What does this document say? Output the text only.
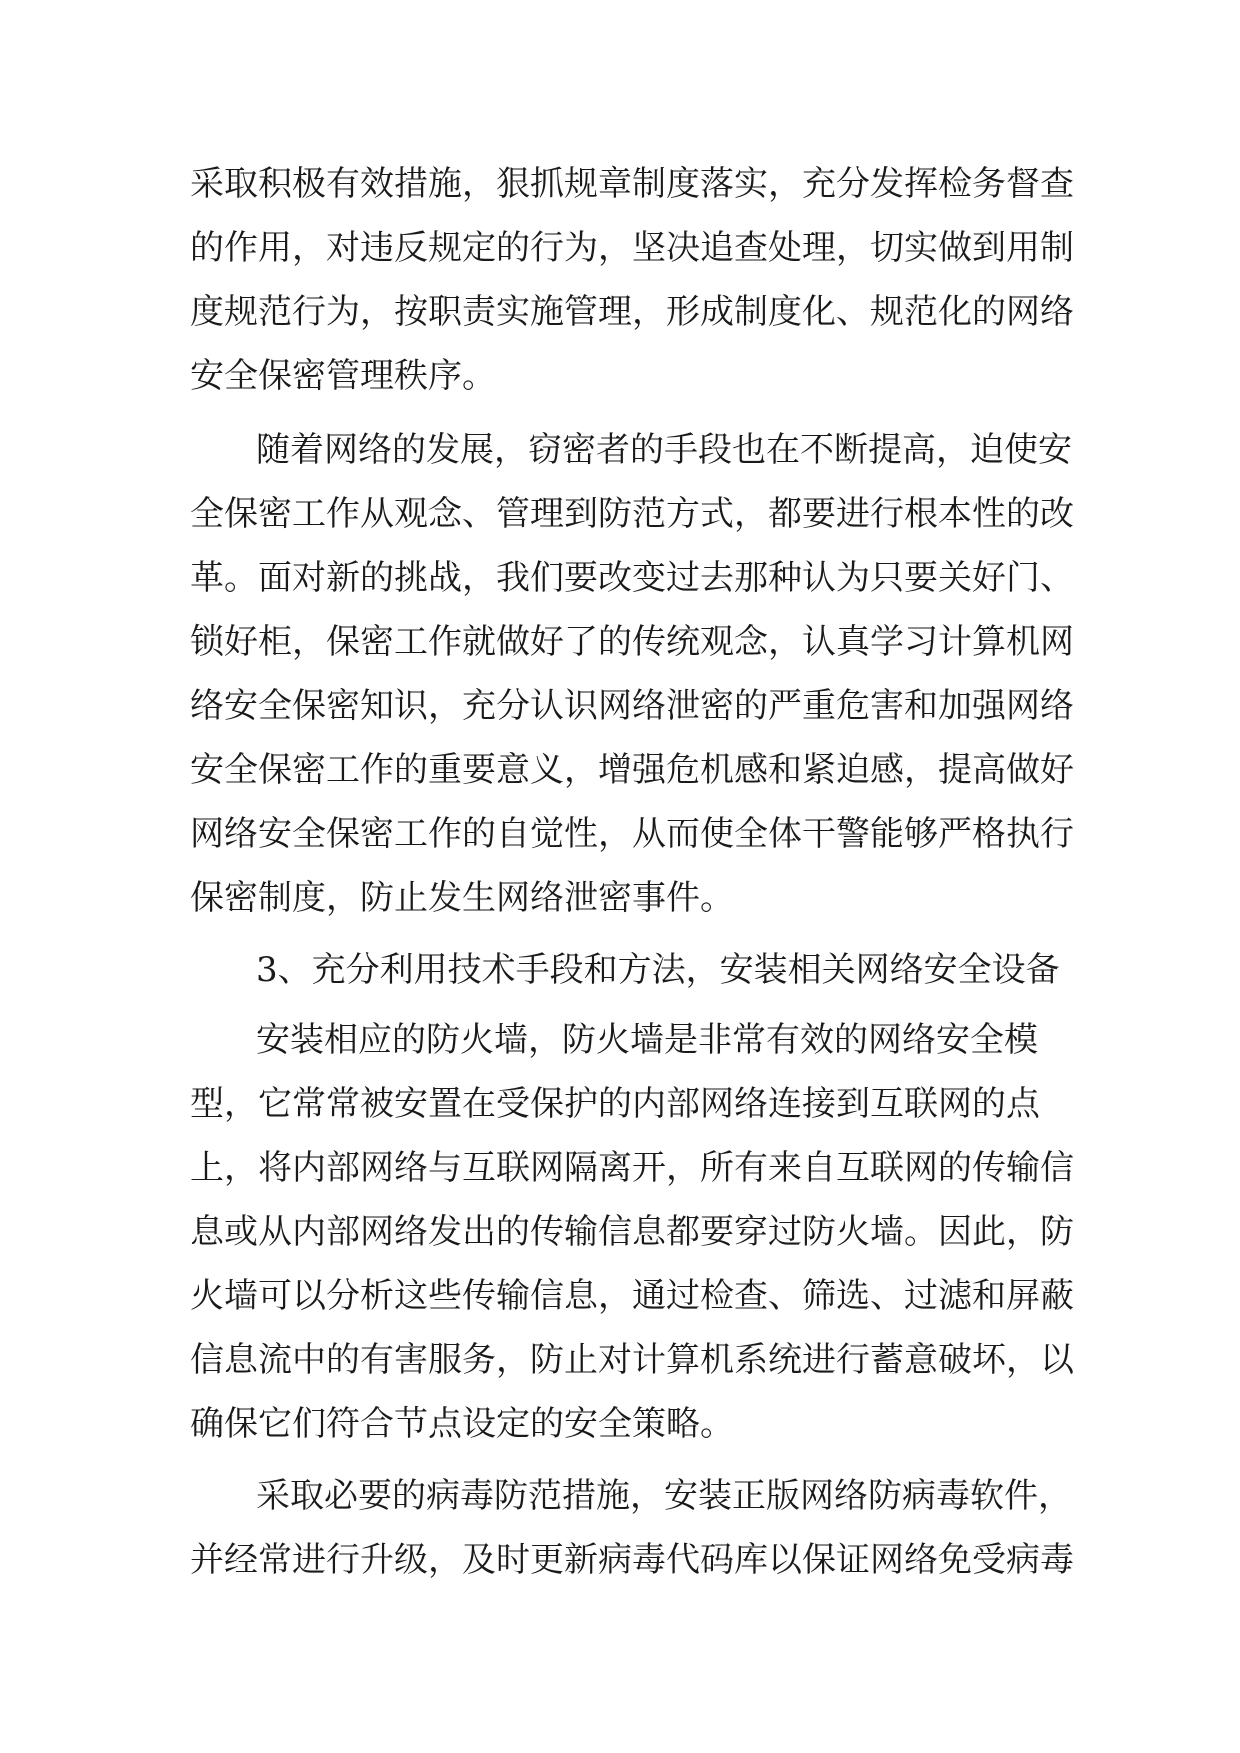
采取积极有效措施，狠抓规章制度落实，充分发挥检务督查
的作用，对违反规定的行为，坚决追查处理，切实做到用制
度规范行为，按职责实施管理，形成制度化、规范化的网络
安全保密管理秩序。
随着网络的发展，窃密者的手段也在不断提高，迫使安
全保密工作从观念、管理到防范方式，都要进行根本性的改
革。面对新的挑战，我们要改变过去那种认为只要关好门、
锁好柜，保密工作就做好了的传统观念，认真学习计算机网
络安全保密知识，充分认识网络泄密的严重危害和加强网络
安全保密工作的重要意义，增强危机感和紧迫感，提高做好
网络安全保密工作的自觉性，从而使全体干警能够严格执行
保密制度，防止发生网络泄密事件。
3、充分利用技术手段和方法，安装相关网络安全设备
安装相应的防火墙，防火墙是非常有效的网络安全模
型，它常常被安置在受保护的内部网络连接到互联网的点
上，将内部网络与互联网隔离开，所有来自互联网的传输信
息或从内部网络发出的传输信息都要穿过防火墙。因此，防
火墙可以分析这些传输信息，通过检查、筛选、过滤和屏蔽
信息流中的有害服务，防止对计算机系统进行蓄意破坏，以
确保它们符合节点设定的安全策略。
采取必要的病毒防范措施，安装正版网络防病毒软件，
并经常进行升级，及时更新病毒代码库以保证网络免受病毒
